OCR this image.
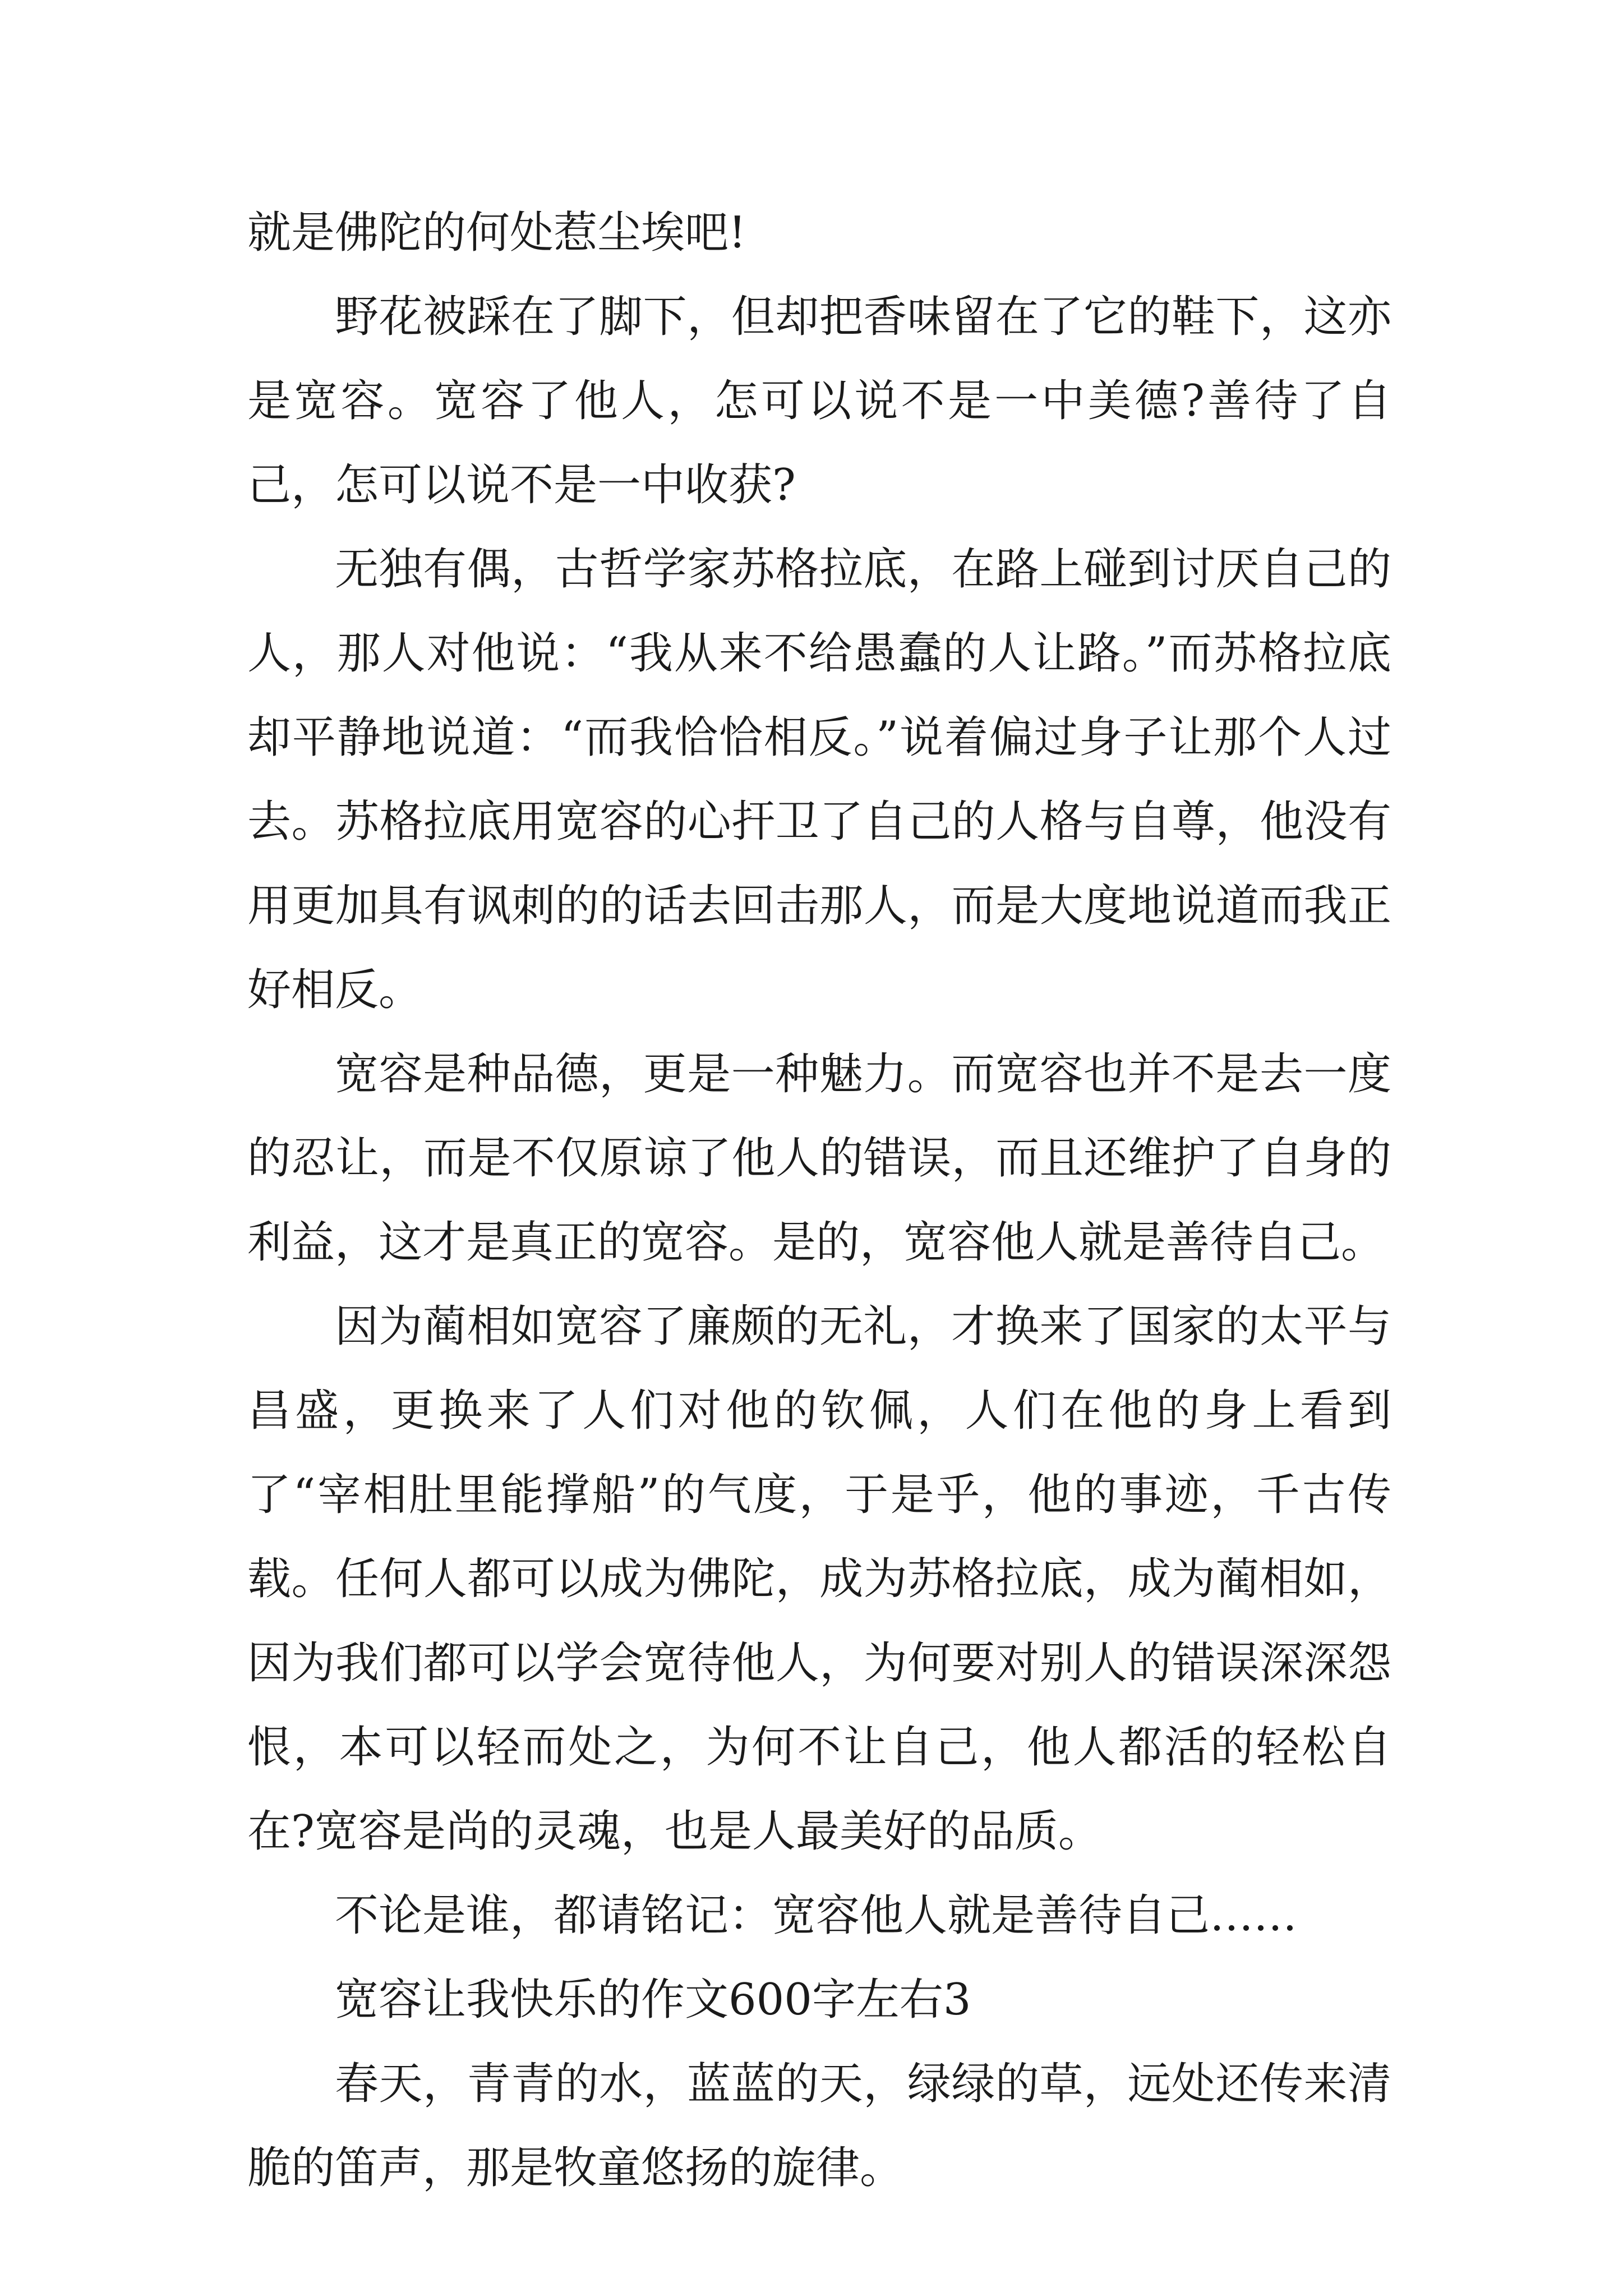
就是佛陀的何处惹尘埃吧!

野花被踩在了脚下，但却把香味留在了它的鞋下，这亦是宽容。宽容了他人，怎可以说不是一中美德?善待了自己，怎可以说不是一中收获?

无独有偶，古哲学家苏格拉底，在路上碰到讨厌自己的人，那人对他说：“我从来不给愚蠢的人让路。”而苏格拉底却平静地说道：“而我恰恰相反。”说着偏过身子让那个人过去。苏格拉底用宽容的心扞卫了自己的人格与自尊，他没有用更加具有讽刺的的话去回击那人，而是大度地说道而我正好相反。

宽容是种品德，更是一种魅力。而宽容也并不是去一度的忍让，而是不仅原谅了他人的错误，而且还维护了自身的利益，这才是真正的宽容。是的，宽容他人就是善待自己。

因为蔺相如宽容了廉颇的无礼，才换来了国家的太平与昌盛，更换来了人们对他的钦佩，人们在他的身上看到了“宰相肚里能撑船”的气度，于是乎，他的事迹，千古传载。任何人都可以成为佛陀，成为苏格拉底，成为蔺相如，因为我们都可以学会宽待他人，为何要对别人的错误深深怨恨，本可以轻而处之，为何不让自己，他人都活的轻松自在?宽容是尚的灵魂，也是人最美好的品质。

不论是谁，都请铭记：宽容他人就是善待自己……

宽容让我快乐的作文600字左右3

春天，青青的水，蓝蓝的天，绿绿的草，远处还传来清脆的笛声，那是牧童悠扬的旋律。
